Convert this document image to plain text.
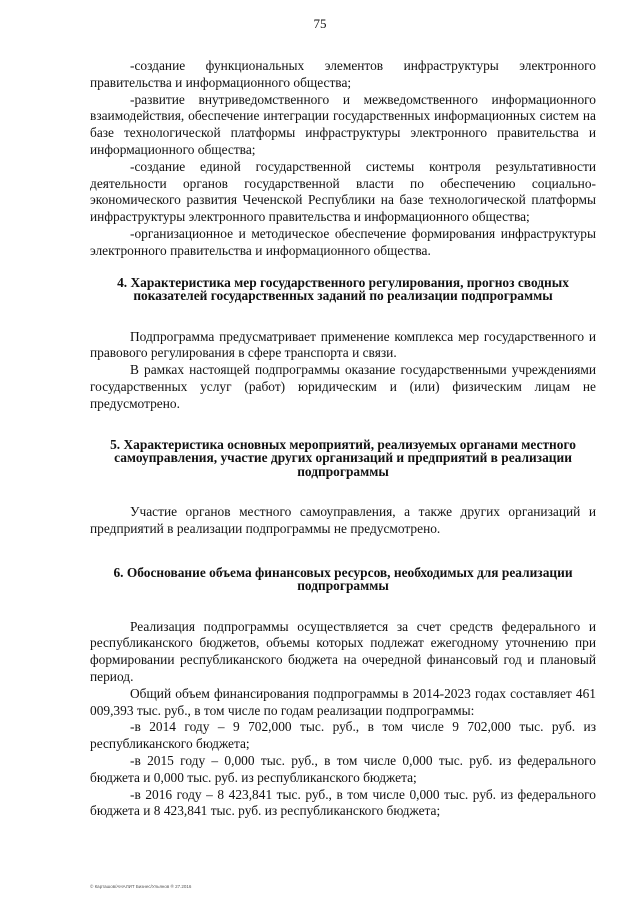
75

-создание функциональных элементов инфраструктуры электронного правительства и информационного общества;

-развитие внутриведомственного и межведомственного информационного взаимодействия, обеспечение интеграции государственных информационных систем на базе технологической платформы инфраструктуры электронного правительства и информационного общества;

-создание единой государственной системы контроля результативности деятельности органов государственной власти по обеспечению социально-экономического развития Чеченской Республики на базе технологической платформы инфраструктуры электронного правительства и информационного общества;

-организационное и методическое обеспечение формирования инфраструктуры электронного правительства и информационного общества.

4. Характеристика мер государственного регулирования, прогноз сводных показателей государственных заданий по реализации подпрограммы

Подпрограмма предусматривает применение комплекса мер государственного и правового регулирования в сфере транспорта и связи.

В рамках настоящей подпрограммы оказание государственными учреждениями государственных услуг (работ) юридическим и (или) физическим лицам не предусмотрено.

5. Характеристика основных мероприятий, реализуемых органами местного самоуправления, участие других организаций и предприятий в реализации подпрограммы

Участие органов местного самоуправления, а также других организаций и предприятий в реализации подпрограммы не предусмотрено.

6. Обоснование объема финансовых ресурсов, необходимых для реализации подпрограммы

Реализация подпрограммы осуществляется за счет средств федерального и республиканского бюджетов, объемы которых подлежат ежегодному уточнению при формировании республиканского бюджета на очередной финансовый год и плановый период.

Общий объем финансирования подпрограммы в 2014-2023 годах составляет 461 009,393 тыс. руб., в том числе по годам реализации подпрограммы:

-в 2014 году – 9 702,000 тыс. руб., в том числе 9 702,000 тыс. руб. из республиканского бюджета;

-в 2015 году – 0,000 тыс. руб., в том числе 0,000 тыс. руб. из федерального бюджета и 0,000 тыс. руб. из республиканского бюджета;

-в 2016 году – 8 423,841 тыс. руб., в том числе 0,000 тыс. руб. из федерального бюджета и 8 423,841 тыс. руб. из республиканского бюджета;

© Карташов/АНАЛИТ Бизнес/Ульянов ® 27.2016
